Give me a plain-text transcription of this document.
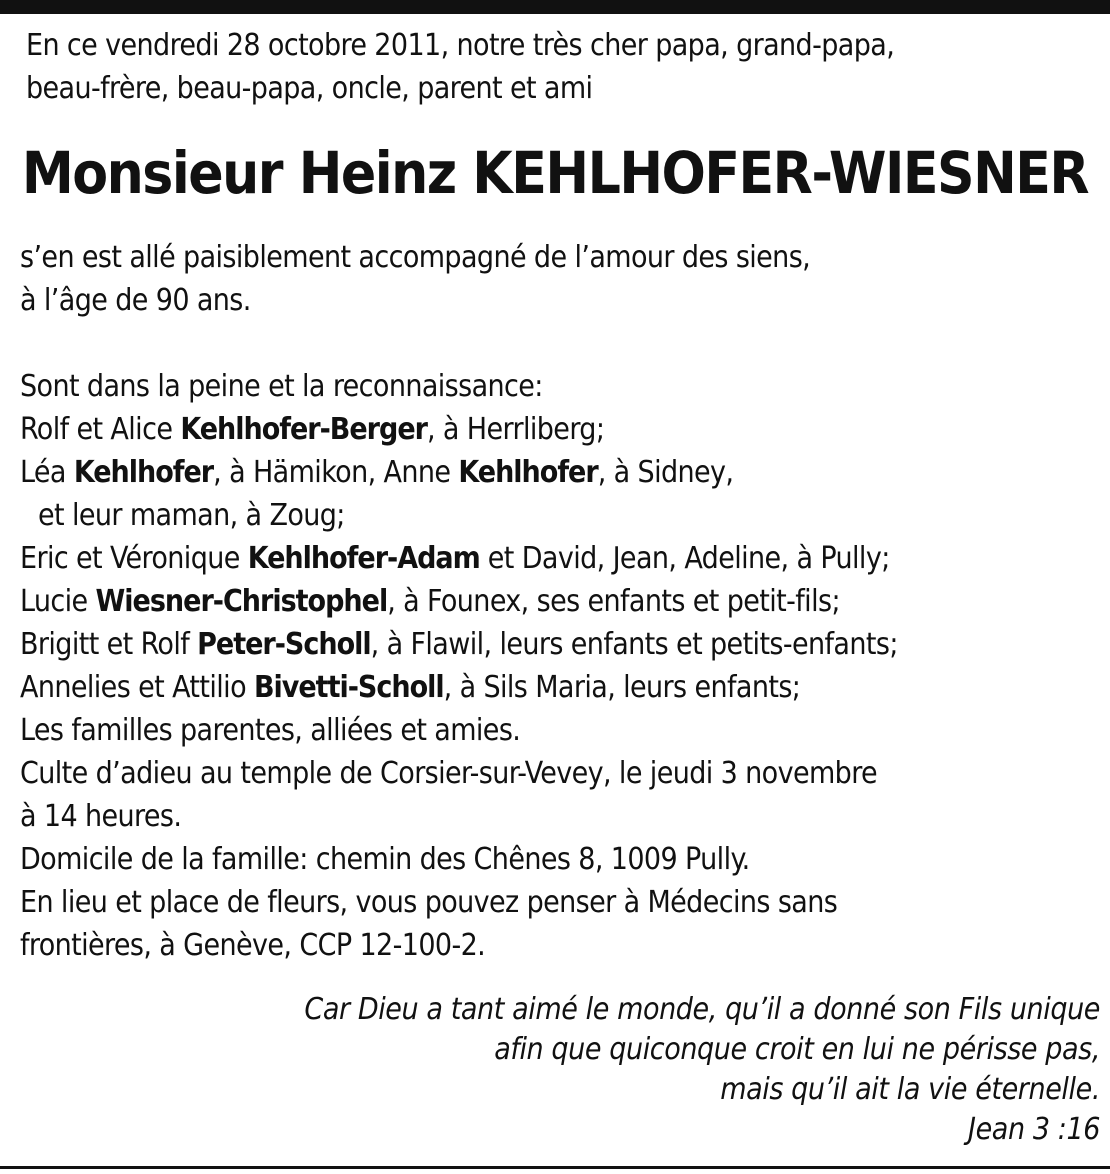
En ce vendredi 28 octobre 2011, notre très cher papa, grand-papa,
beau-frère, beau-papa, oncle, parent et ami
Monsieur Heinz KEHLHOFER-WIESNER
s’en est allé paisiblement accompagné de l’amour des siens,
à l’âge de 90 ans.
Sont dans la peine et la reconnaissance:
Rolf et Alice Kehlhofer-Berger, à Herrliberg;
Léa Kehlhofer, à Hämikon, Anne Kehlhofer, à Sidney,
et leur maman, à Zoug;
Eric et Véronique Kehlhofer-Adam et David, Jean, Adeline, à Pully;
Lucie Wiesner-Christophel, à Founex, ses enfants et petit-fils;
Brigitt et Rolf Peter-Scholl, à Flawil, leurs enfants et petits-enfants;
Annelies et Attilio Bivetti-Scholl, à Sils Maria, leurs enfants;
Les familles parentes, alliées et amies.
Culte d’adieu au temple de Corsier-sur-Vevey, le jeudi 3 novembre
à 14 heures.
Domicile de la famille: chemin des Chênes 8, 1009 Pully.
En lieu et place de fleurs, vous pouvez penser à Médecins sans
frontières, à Genève, CCP 12-100-2.
Car Dieu a tant aimé le monde, qu’il a donné son Fils unique
afin que quiconque croit en lui ne périsse pas,
mais qu’il ait la vie éternelle.
Jean 3 :16
